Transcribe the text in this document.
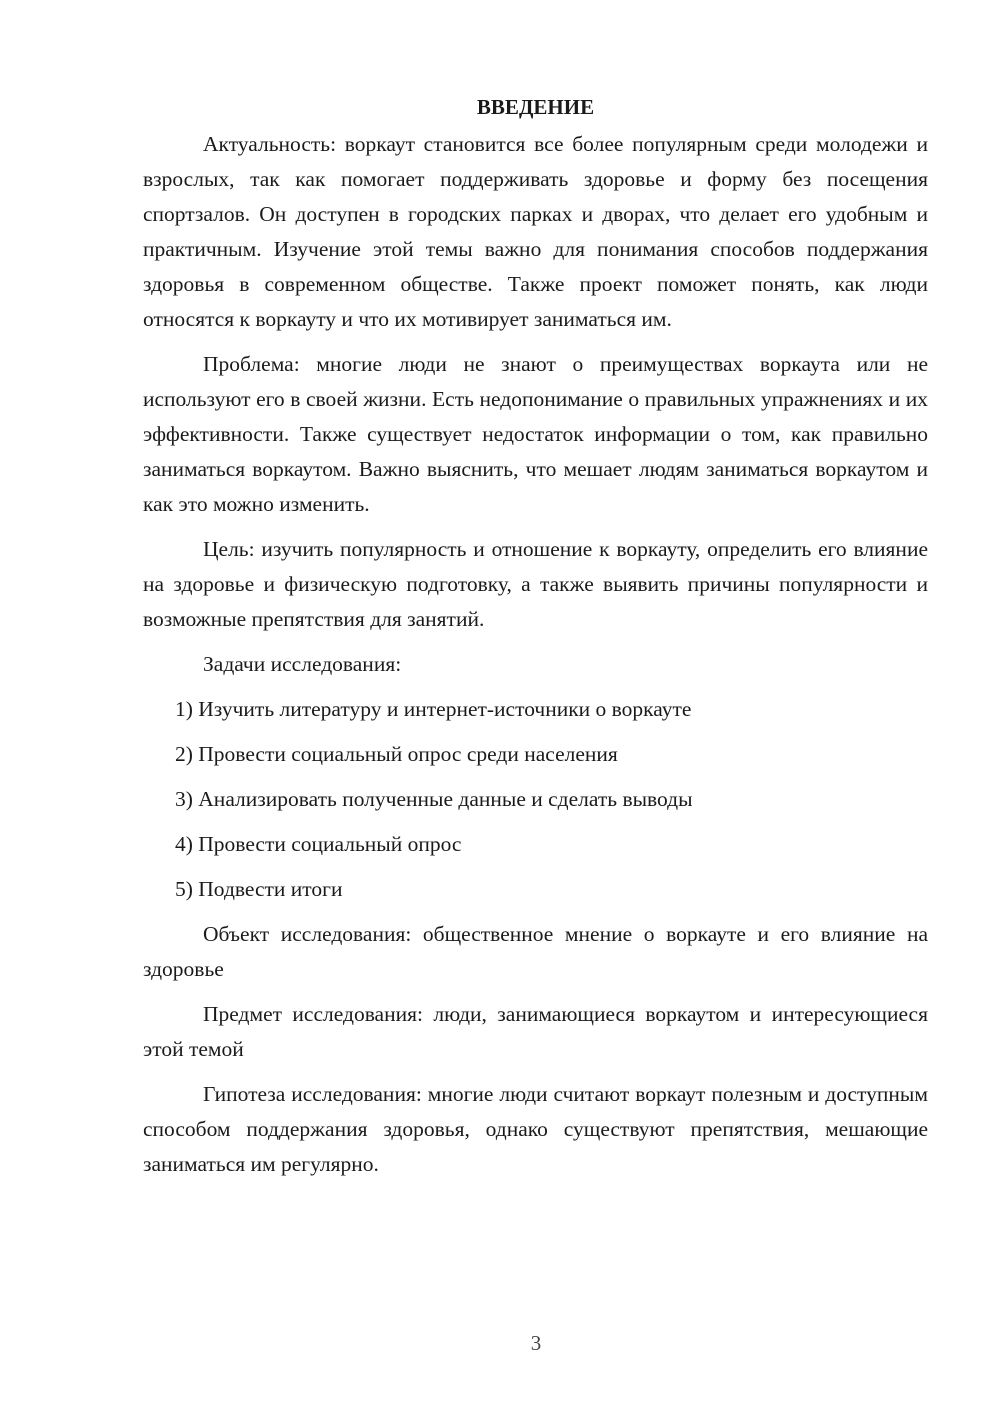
ВВЕДЕНИЕ

Актуальность: воркаут становится все более популярным среди молодежи и взрослых, так как помогает поддерживать здоровье и форму без посещения спортзалов. Он доступен в городских парках и дворах, что делает его удобным и практичным. Изучение этой темы важно для понимания способов поддержания здоровья в современном обществе. Также проект поможет понять, как люди относятся к воркауту и что их мотивирует заниматься им.

Проблема: многие люди не знают о преимуществах воркаута или не используют его в своей жизни. Есть недопонимание о правильных упражнениях и их эффективности. Также существует недостаток информации о том, как правильно заниматься воркаутом. Важно выяснить, что мешает людям заниматься воркаутом и как это можно изменить.

Цель: изучить популярность и отношение к воркауту, определить его влияние на здоровье и физическую подготовку, а также выявить причины популярности и возможные препятствия для занятий.

Задачи исследования:

1) Изучить литературу и интернет-источники о воркауте

2) Провести социальный опрос среди населения

3) Анализировать полученные данные и сделать выводы

4) Провести социальный опрос

5) Подвести итоги

Объект исследования: общественное мнение о воркауте и его влияние на здоровье

Предмет исследования: люди, занимающиеся воркаутом и интересующиеся этой темой

Гипотеза исследования: многие люди считают воркаут полезным и доступным способом поддержания здоровья, однако существуют препятствия, мешающие заниматься им регулярно.

3
